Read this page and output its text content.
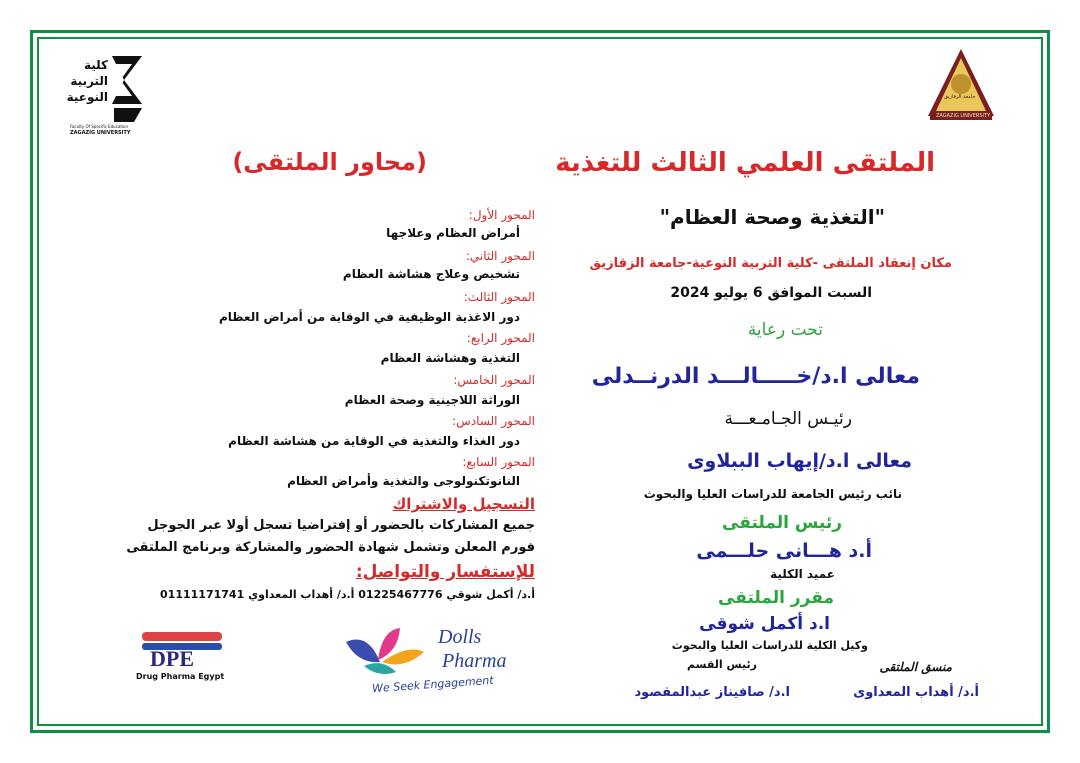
كلية
التربية
النوعية
Faculty Of Specific Education
ZAGAZIG UNIVERSITY
جامعة الزقازيق
ZAGAZIG UNIVERSITY
الملتقى العلمي الثالث للتغذية
"التغذية وصحة العظام"
مكان إنعقاد الملتقى -كلية التربية النوعية-جامعة الزقازيق
السبت الموافق 6 يوليو 2024
تحت رعاية
معالى ا.د/خـــــالـــد الدرنــدلى
رئيـس الجـامـعـــة
معالى ا.د/إيهاب الببلاوى
نائب رئيس الجامعة للدراسات العليا والبحوث
رئيس الملتقى
أ.د هـــانى حلـــمى
عميد الكلية
مقرر الملتقى
ا.د أكمل شوقى
وكيل الكلية للدراسات العليا والبحوث
منسق الملتقى
رئيس القسم
أ.د/ أهداب المعداوى
ا.د/ صافيناز عبدالمقصود
(محاور الملتقى)
المحور الأول:
أمراض العظام وعلاجها
المحور الثاني:
تشخيص وعلاج هشاشة العظام
المحور الثالث:
دور الاغذية الوظيفية في الوقاية من أمراض العظام
المحور الرابع:
التغذية وهشاشة العظام
المحور الخامس:
الوراثة اللاجينية وصحة العظام
المحور السادس:
دور الغذاء والتغذية في الوقاية من هشاشة العظام
المحور السابع:
النانوتكنولوجى والتغذية وأمراض العظام
التسجيل والاشتراك
جميع المشاركات بالحضور أو إفتراضيا تسجل أولا عبر الجوجل
فورم المعلن وتشمل شهادة الحضور والمشاركة وبرنامج الملتقى
للإستفسار والتواصل:
أ.د/ أكمل شوقي 01225467776 أ.د/ أهداب المعداوي 01111171741
DPE
Drug Pharma Egypt
Dolls
Pharma
We Seek Engagement
